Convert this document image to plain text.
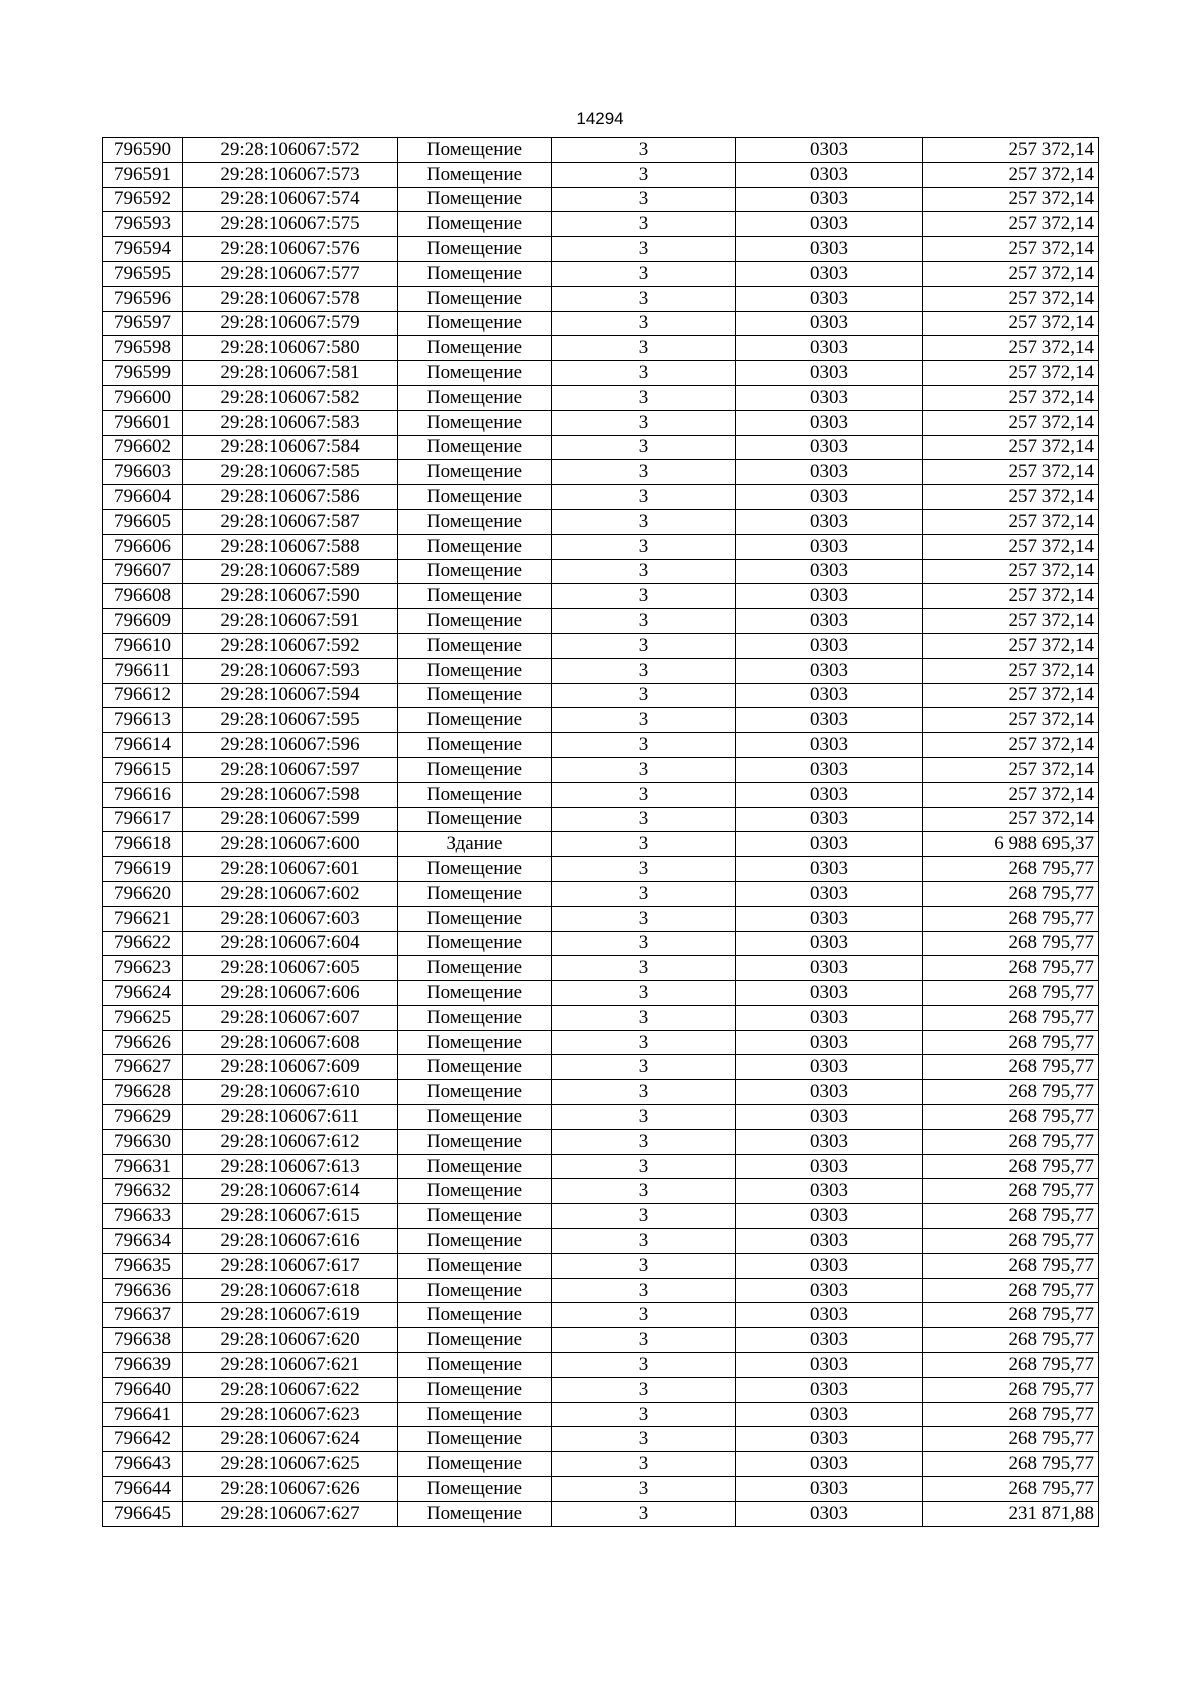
14294
796590	29:28:106067:572	Помещение	3	0303	257 372,14
796591	29:28:106067:573	Помещение	3	0303	257 372,14
796592	29:28:106067:574	Помещение	3	0303	257 372,14
796593	29:28:106067:575	Помещение	3	0303	257 372,14
796594	29:28:106067:576	Помещение	3	0303	257 372,14
796595	29:28:106067:577	Помещение	3	0303	257 372,14
796596	29:28:106067:578	Помещение	3	0303	257 372,14
796597	29:28:106067:579	Помещение	3	0303	257 372,14
796598	29:28:106067:580	Помещение	3	0303	257 372,14
796599	29:28:106067:581	Помещение	3	0303	257 372,14
796600	29:28:106067:582	Помещение	3	0303	257 372,14
796601	29:28:106067:583	Помещение	3	0303	257 372,14
796602	29:28:106067:584	Помещение	3	0303	257 372,14
796603	29:28:106067:585	Помещение	3	0303	257 372,14
796604	29:28:106067:586	Помещение	3	0303	257 372,14
796605	29:28:106067:587	Помещение	3	0303	257 372,14
796606	29:28:106067:588	Помещение	3	0303	257 372,14
796607	29:28:106067:589	Помещение	3	0303	257 372,14
796608	29:28:106067:590	Помещение	3	0303	257 372,14
796609	29:28:106067:591	Помещение	3	0303	257 372,14
796610	29:28:106067:592	Помещение	3	0303	257 372,14
796611	29:28:106067:593	Помещение	3	0303	257 372,14
796612	29:28:106067:594	Помещение	3	0303	257 372,14
796613	29:28:106067:595	Помещение	3	0303	257 372,14
796614	29:28:106067:596	Помещение	3	0303	257 372,14
796615	29:28:106067:597	Помещение	3	0303	257 372,14
796616	29:28:106067:598	Помещение	3	0303	257 372,14
796617	29:28:106067:599	Помещение	3	0303	257 372,14
796618	29:28:106067:600	Здание	3	0303	6 988 695,37
796619	29:28:106067:601	Помещение	3	0303	268 795,77
796620	29:28:106067:602	Помещение	3	0303	268 795,77
796621	29:28:106067:603	Помещение	3	0303	268 795,77
796622	29:28:106067:604	Помещение	3	0303	268 795,77
796623	29:28:106067:605	Помещение	3	0303	268 795,77
796624	29:28:106067:606	Помещение	3	0303	268 795,77
796625	29:28:106067:607	Помещение	3	0303	268 795,77
796626	29:28:106067:608	Помещение	3	0303	268 795,77
796627	29:28:106067:609	Помещение	3	0303	268 795,77
796628	29:28:106067:610	Помещение	3	0303	268 795,77
796629	29:28:106067:611	Помещение	3	0303	268 795,77
796630	29:28:106067:612	Помещение	3	0303	268 795,77
796631	29:28:106067:613	Помещение	3	0303	268 795,77
796632	29:28:106067:614	Помещение	3	0303	268 795,77
796633	29:28:106067:615	Помещение	3	0303	268 795,77
796634	29:28:106067:616	Помещение	3	0303	268 795,77
796635	29:28:106067:617	Помещение	3	0303	268 795,77
796636	29:28:106067:618	Помещение	3	0303	268 795,77
796637	29:28:106067:619	Помещение	3	0303	268 795,77
796638	29:28:106067:620	Помещение	3	0303	268 795,77
796639	29:28:106067:621	Помещение	3	0303	268 795,77
796640	29:28:106067:622	Помещение	3	0303	268 795,77
796641	29:28:106067:623	Помещение	3	0303	268 795,77
796642	29:28:106067:624	Помещение	3	0303	268 795,77
796643	29:28:106067:625	Помещение	3	0303	268 795,77
796644	29:28:106067:626	Помещение	3	0303	268 795,77
796645	29:28:106067:627	Помещение	3	0303	231 871,88
